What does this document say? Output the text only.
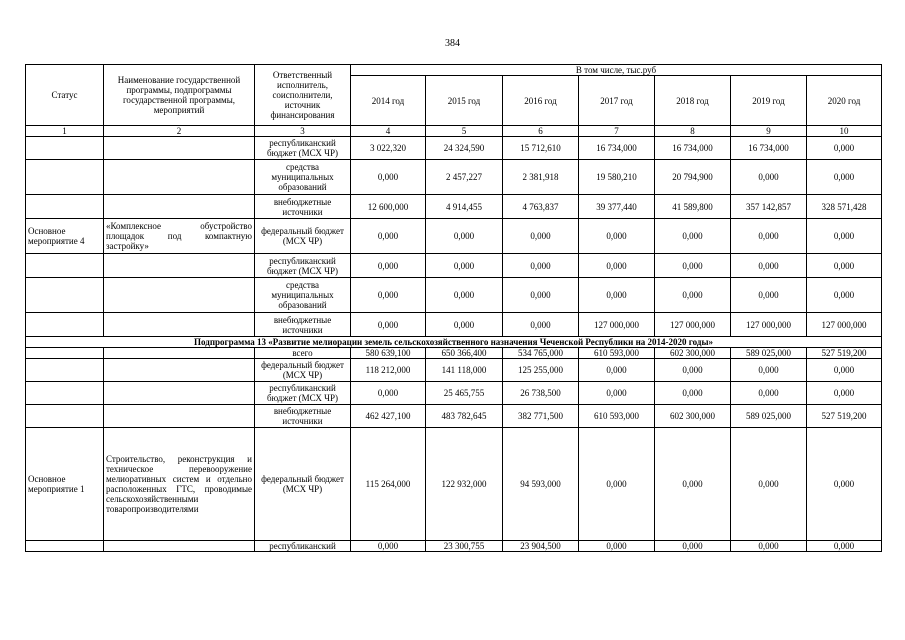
384
Статус	Наименование государственной программы, подпрограммы государственной программы, мероприятий	Ответственный исполнитель, соисполнители, источник финансирования	В том числе, тыс.руб						
			2014 год	2015 год	2016 год	2017 год	2018 год	2019 год	2020 год
1	2	3	4	5	6	7	8	9	10
		республиканский бюджет (МСХ ЧР)	3 022,320	24 324,590	15 712,610	16 734,000	16 734,000	16 734,000	0,000
		средства муниципальных образований	0,000	2 457,227	2 381,918	19 580,210	20 794,900	0,000	0,000
		внебюджетные источники	12 600,000	4 914,455	4 763,837	39 377,440	41 589,800	357 142,857	328 571,428
Основное мероприятие 4	«Комплексное обустройство площадок под компактную застройку»	федеральный бюджет (МСХ ЧР)	0,000	0,000	0,000	0,000	0,000	0,000	0,000
		республиканский бюджет (МСХ ЧР)	0,000	0,000	0,000	0,000	0,000	0,000	0,000
		средства муниципальных образований	0,000	0,000	0,000	0,000	0,000	0,000	0,000
		внебюджетные источники	0,000	0,000	0,000	127 000,000	127 000,000	127 000,000	127 000,000
Подпрограмма 13 «Развитие мелиорации земель сельскохозяйственного назначения Чеченской Республики на 2014-2020 годы»									
		всего	580 639,100	650 366,400	534 765,000	610 593,000	602 300,000	589 025,000	527 519,200
		федеральный бюджет (МСХ ЧР)	118 212,000	141 118,000	125 255,000	0,000	0,000	0,000	0,000
		республиканский бюджет (МСХ ЧР)	0,000	25 465,755	26 738,500	0,000	0,000	0,000	0,000
		внебюджетные источники	462 427,100	483 782,645	382 771,500	610 593,000	602 300,000	589 025,000	527 519,200
Основное мероприятие 1	Строительство, реконструкция и техническое перевооружение мелиоративных систем и отдельно расположенных ГТС, проводимые сельскохозяйственными товаропроизводителями	федеральный бюджет (МСХ ЧР)	115 264,000	122 932,000	94 593,000	0,000	0,000	0,000	0,000
		республиканский	0,000	23 300,755	23 904,500	0,000	0,000	0,000	0,000
